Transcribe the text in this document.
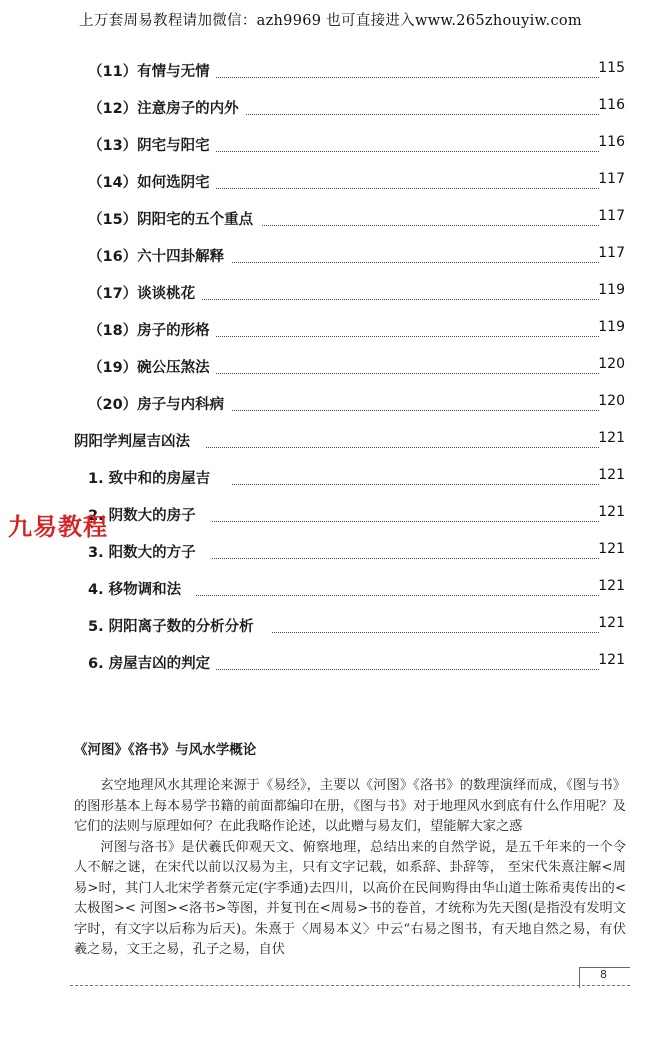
上万套周易教程请加微信：azh9969 也可直接进入www.265zhouyiw.com
（11）有情与无情	115
（12）注意房子的内外	116
（13）阴宅与阳宅	116
（14）如何选阴宅	117
（15）阴阳宅的五个重点	117
（16）六十四卦解释	117
（17）谈谈桃花	119
（18）房子的形格	119
（19）碗公压煞法	120
（20）房子与内科病	120
阴阳学判屋吉凶法	121
1. 致中和的房屋吉	121
2. 阴数大的房子	121
3. 阳数大的方子	121
4. 移物调和法	121
5. 阴阳离子数的分析分析	121
6. 房屋吉凶的判定	121
九易教程
《河图》《洛书》与风水学概论

玄空地理风水其理论来源于《易经》，主要以《河图》《洛书》的数理演绎而成，《图与书》的图形基本上每本易学书籍的前面都编印在册，《图与书》对于地理风水到底有什么作用呢？及它们的法则与原理如何？在此我略作论述，以此赠与易友们，望能解大家之惑

河图与洛书》是伏羲氏仰观天文、俯察地理，总结出来的自然学说，是五千年来的一个令人不解之谜，在宋代以前以汉易为主，只有文字记载，如系辞、卦辞等， 至宋代朱熹注解<周易>时，其门人北宋学者蔡元定(字季通)去四川，以高价在民间购得由华山道士陈希夷传出的<太极图>< 河图><洛书>等图，并复刊在<周易>书的卷首，才统称为先天图(是指没有发明文字时，有文字以后称为后天)。朱熹于〈周易本义〉中云“右易之图书，有天地自然之易，有伏羲之易，文王之易，孔子之易，自伏

8
